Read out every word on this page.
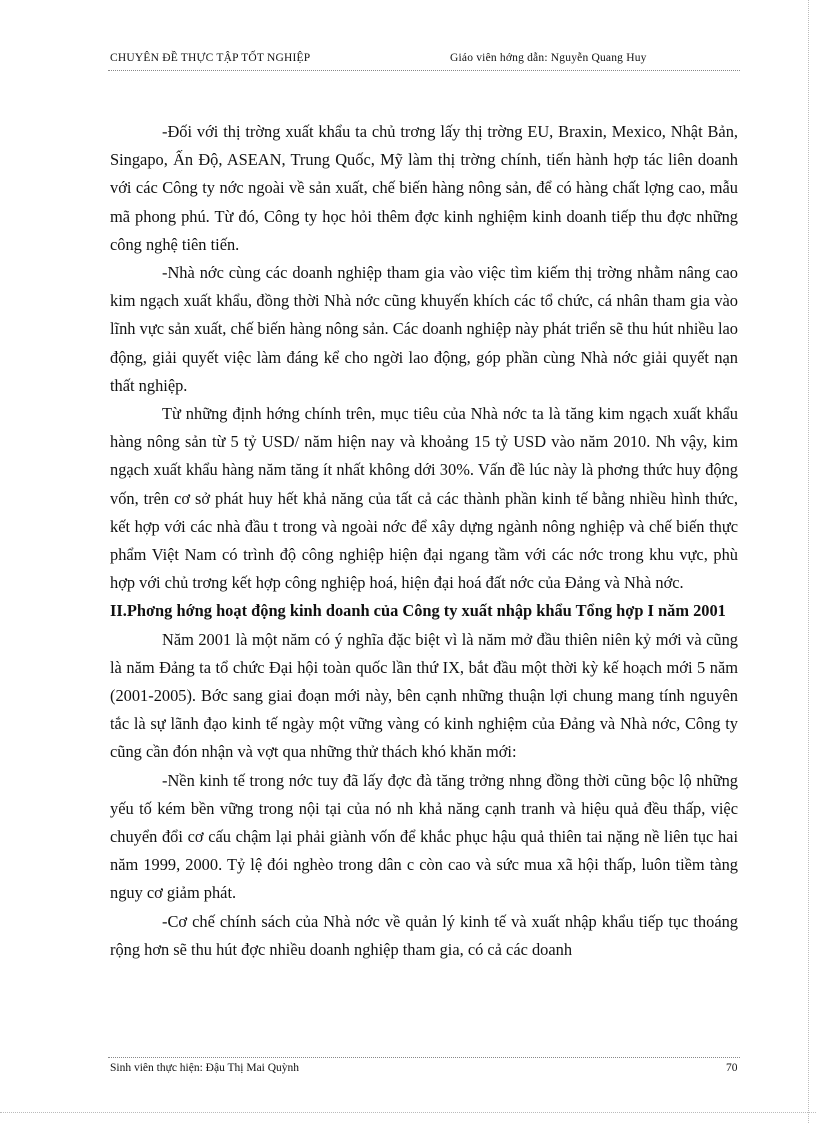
CHUYÊN ĐỀ THỰC TẬP TỐT NGHIỆP	Giáo viên hớng dẫn: Nguyễn Quang Huy

-Đối với thị trờng xuất khẩu ta chủ trơng lấy thị trờng EU, Braxin, Mexico, Nhật Bản, Singapo, Ấn Độ, ASEAN, Trung Quốc, Mỹ làm thị trờng chính, tiến hành hợp tác liên doanh với các Công ty nớc ngoài về sản xuất, chế biến hàng nông sản, để có hàng chất lợng cao, mẫu mã phong phú. Từ đó, Công ty học hỏi thêm đợc kinh nghiệm kinh doanh tiếp thu đợc những công nghệ tiên tiến.

-Nhà nớc cùng các doanh nghiệp tham gia vào việc tìm kiếm thị trờng nhằm nâng cao kim ngạch xuất khẩu, đồng thời Nhà nớc cũng khuyến khích các tổ chức, cá nhân tham gia vào lĩnh vực sản xuất, chế biến hàng nông sản. Các doanh nghiệp này phát triển sẽ thu hút nhiều lao động, giải quyết việc làm đáng kể cho ngời lao động, góp phần cùng Nhà nớc giải quyết nạn thất nghiệp.

Từ những định hớng chính trên, mục tiêu của Nhà nớc ta là tăng kim ngạch xuất khẩu hàng nông sản từ 5 tỷ USD/ năm hiện nay và khoảng 15 tỷ USD vào năm 2010. Nh vậy, kim ngạch xuất khẩu hàng năm tăng ít nhất không dới 30%. Vấn đề lúc này là phơng thức huy động vốn, trên cơ sở phát huy hết khả năng của tất cả các thành phần kinh tế bằng nhiều hình thức, kết hợp với các nhà đầu t trong và ngoài nớc để xây dựng ngành nông nghiệp và chế biến thực phẩm Việt Nam có trình độ công nghiệp hiện đại ngang tầm với các nớc trong khu vực, phù hợp với chủ trơng kết hợp công nghiệp hoá, hiện đại hoá đất nớc của Đảng và Nhà nớc.

II.Phơng hớng hoạt động kinh doanh của Công ty xuất nhập khẩu Tổng hợp I năm 2001

Năm 2001 là một năm có ý nghĩa đặc biệt vì là năm mở đầu thiên niên kỷ mới và cũng là năm Đảng ta tổ chức Đại hội toàn quốc lần thứ IX, bắt đầu một thời kỳ kế hoạch mới 5 năm (2001-2005). Bớc sang giai đoạn mới này, bên cạnh những thuận lợi chung mang tính nguyên tắc là sự lãnh đạo kinh tế ngày một vững vàng có kinh nghiệm của Đảng và Nhà nớc, Công ty cũng cần đón nhận và vợt qua những thử thách khó khăn mới:

-Nền kinh tế trong nớc tuy đã lấy đợc đà tăng trởng nhng đồng thời cũng bộc lộ những yếu tố kém bền vững trong nội tại của nó nh khả năng cạnh tranh và hiệu quả đều thấp, việc chuyển đổi cơ cấu chậm lại phải giành vốn để khắc phục hậu quả thiên tai nặng nề liên tục hai năm 1999, 2000. Tỷ lệ đói nghèo trong dân c còn cao và sức mua xã hội thấp, luôn tiềm tàng nguy cơ giảm phát.

-Cơ chế chính sách của Nhà nớc về quản lý kinh tế và xuất nhập khẩu tiếp tục thoáng rộng hơn sẽ thu hút đợc nhiều doanh nghiệp tham gia, có cả các doanh

Sinh viên thực hiện: Đậu Thị Mai Quỳnh	70
